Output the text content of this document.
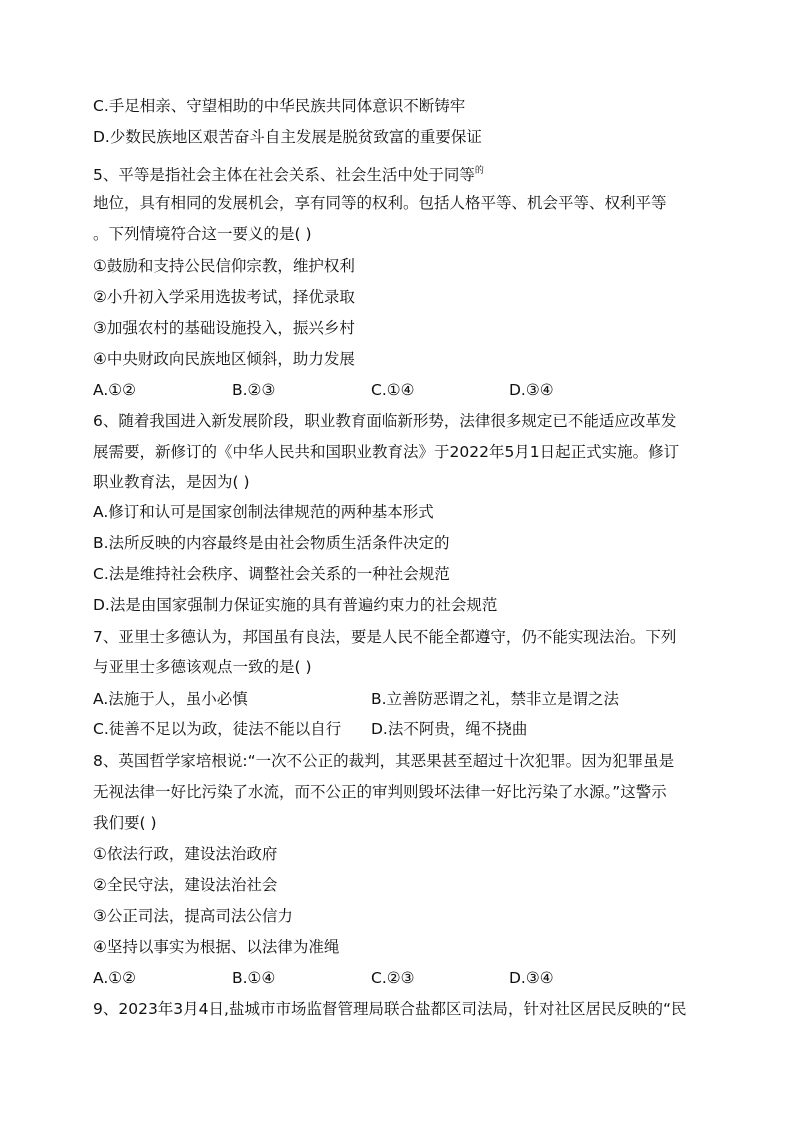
C.手足相亲、守望相助的中华民族共同体意识不断铸牢
D.少数民族地区艰苦奋斗自主发展是脱贫致富的重要保证
5、平等是指社会主体在社会关系、社会生活中处于同等$^的$
地位，具有相同的发展机会，享有同等的权利。包括人格平等、机会平等、权利平等
。下列情境符合这一要义的是( )
①鼓励和支持公民信仰宗教，维护权利
②小升初入学采用选拔考试，择优录取
③加强农村的基础设施投入，振兴乡村
④中央财政向民族地区倾斜，助力发展
A.①②	B.②③	C.①④	D.③④
6、随着我国进入新发展阶段，职业教育面临新形势，法律很多规定已不能适应改革发
展需要，新修订的《中华人民共和国职业教育法》于2022年5月1日起正式实施。修订
职业教育法，是因为( )
A.修订和认可是国家创制法律规范的两种基本形式
B.法所反映的内容最终是由社会物质生活条件决定的
C.法是维持社会秩序、调整社会关系的一种社会规范
D.法是由国家强制力保证实施的具有普遍约束力的社会规范
7、亚里士多德认为，邦国虽有良法，要是人民不能全都遵守，仍不能实现法治。下列
与亚里士多德该观点一致的是( )
A.法施于人，虽小必慎	B.立善防恶谓之礼，禁非立是谓之法
C.徒善不足以为政，徒法不能以自行 D.法不阿贵，绳不挠曲
8、英国哲学家培根说:“一次不公正的裁判，其恶果甚至超过十次犯罪。因为犯罪虽是
无视法律一好比污染了水流，而不公正的审判则毁坏法律一好比污染了水源。”这警示
我们要( )
①依法行政，建设法治政府
②全民守法，建设法治社会
③公正司法，提高司法公信力
④坚持以事实为根据、以法律为准绳
A.①②	B.①④	C.②③	D.③④
9、2023年3月4日,盐城市市场监督管理局联合盐都区司法局，针对社区居民反映的“民
